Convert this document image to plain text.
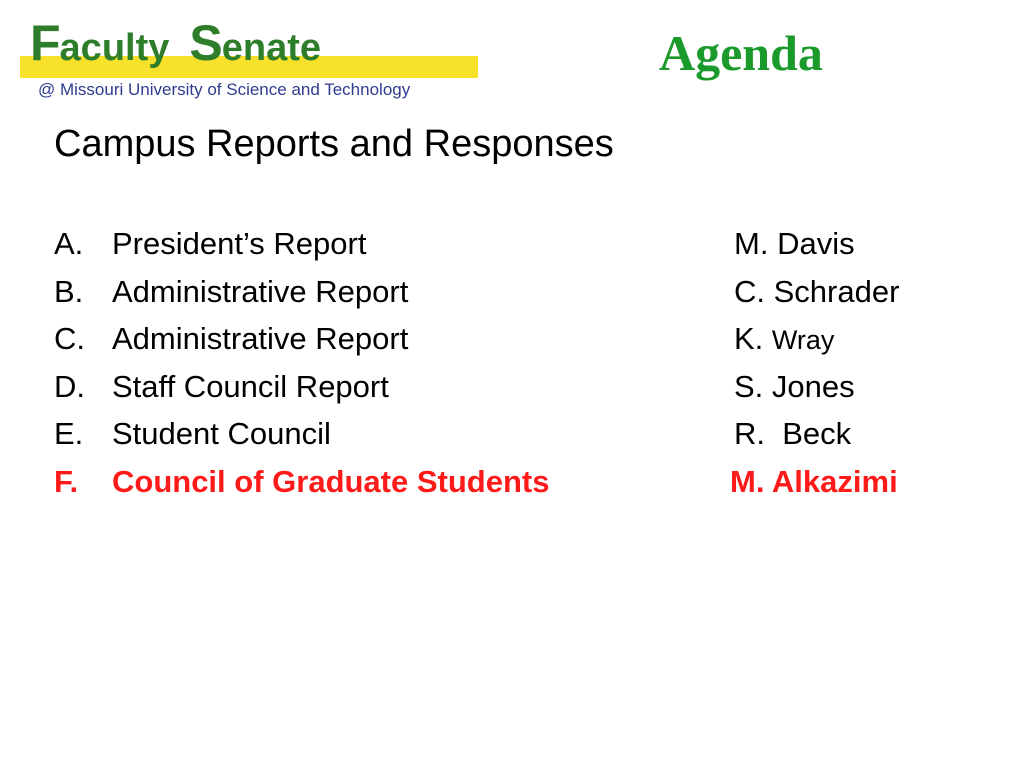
Faculty Senate

@ Missouri University of Science and Technology
Agenda
Campus Reports and Responses
A. President’s Report	M. Davis
B. Administrative Report	C. Schrader
C. Administrative Report	K. Wray
D. Staff Council Report	S. Jones
E. Student Council	R. Beck
F. Council of Graduate Students	M. Alkazimi
